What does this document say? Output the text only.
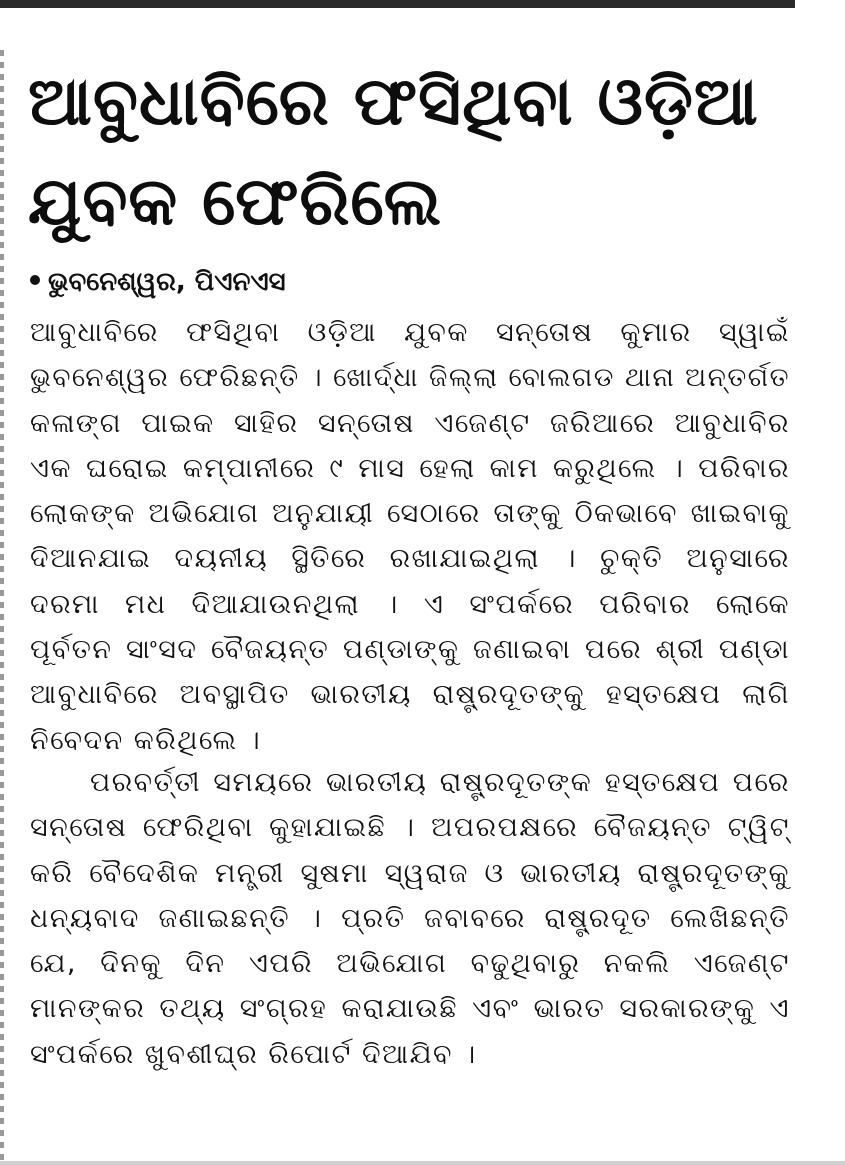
ଆବୁଧାବିରେ ଫସିଥିବା ଓଡ଼ିଆ
ଯୁବକ ଫେରିଲେ
ଭୁବନେଶ୍ୱର, ପିଏନଏସ
ଆବୁଧାବିରେ ଫସିଥିବା ଓଡ଼ିଆ ଯୁବକ ସନ୍ତୋଷ କୁମାର ସ୍ୱାଇଁ
ଭୁବନେଶ୍ୱର ଫେରିଛନ୍ତି । ଖୋର୍ଦ୍ଧା ଜିଲ୍ଲା ବୋଲଗଡ ଥାନା ଅନ୍ତର୍ଗତ
କଳାଙ୍ଗ ପାଇକ ସାହିର ସନ୍ତୋଷ ଏଜେଣ୍ଟ ଜରିଆରେ ଆବୁଧାବିର
ଏକ ଘରୋଇ କମ୍ପାନୀରେ ୯ ମାସ ହେଲା କାମ କରୁଥିଲେ । ପରିବାର
ଲୋକଙ୍କ ଅଭିଯୋଗ ଅନୁଯାୟୀ ସେଠାରେ ତାଙ୍କୁ ଠିକଭାବେ ଖାଇବାକୁ
ଦିଆନଯାଇ ଦୟନୀୟ ସ୍ଥିତିରେ ରଖାଯାଇଥିଲା । ଚୁକ୍ତି ଅନୁସାରେ
ଦରମା ମଧ ଦିଆଯାଉନଥିଲା । ଏ ସଂପର୍କରେ ପରିବାର ଲୋକେ
ପୂର୍ବତନ ସାଂସଦ ବୈଜୟନ୍ତ ପଣ୍ଡାଙ୍କୁ ଜଣାଇବା ପରେ ଶ୍ରୀ ପଣ୍ଡା
ଆବୁଧାବିରେ ଅବସ୍ଥାପିତ ଭାରତୀୟ ରାଷ୍ଟ୍ରଦୂତଙ୍କୁ ହସ୍ତକ୍ଷେପ ଲାଗି
ନିବେଦନ କରିଥିଲେ ।
ପରବର୍ତ୍ତୀ ସମୟରେ ଭାରତୀୟ ରାଷ୍ଟ୍ରଦୂତଙ୍କ ହସ୍ତକ୍ଷେପ ପରେ
ସନ୍ତୋଷ ଫେରିଥିବା କୁହାଯାଇଛି । ଅପରପକ୍ଷରେ ବୈଜୟନ୍ତ ଟ୍ୱିଟ୍
କରି ବୈଦେଶିକ ମନ୍ତ୍ରୀ ସୁଷମା ସ୍ୱରାଜ ଓ ଭାରତୀୟ ରାଷ୍ଟ୍ରଦୂତଙ୍କୁ
ଧନ୍ୟବାଦ ଜଣାଇଛନ୍ତି । ପ୍ରତି ଜବାବରେ ରାଷ୍ଟ୍ରଦୂତ ଲେଖିଛନ୍ତି
ଯେ, ଦିନକୁ ଦିନ ଏପରି ଅଭିଯୋଗ ବଢୁଥିବାରୁ ନକଲି ଏଜେଣ୍ଟ
ମାନଙ୍କର ତଥ୍ୟ ସଂଗ୍ରହ କରାଯାଉଛି ଏବଂ ଭାରତ ସରକାରଙ୍କୁ ଏ
ସଂପର୍କରେ ଖୁବଶୀଘ୍ର ରିପୋର୍ଟ ଦିଆଯିବ ।
